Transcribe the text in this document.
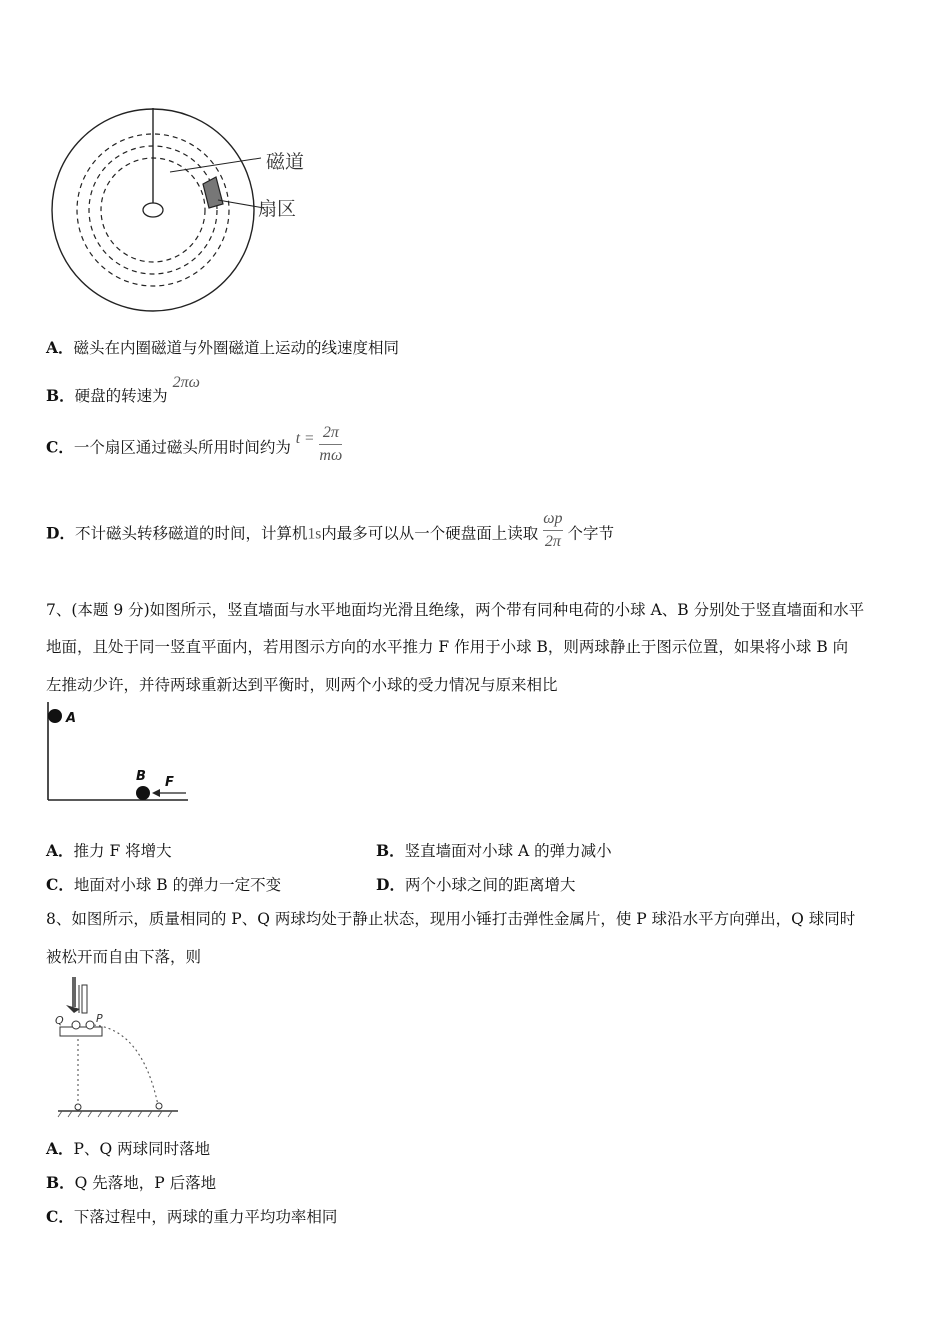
磁道
扇区
A．磁头在内圈磁道与外圈磁道上运动的线速度相同
B．硬盘的转速为 2πω
C．一个扇区通过磁头所用时间约为 $t = \frac{2\pi}{m\omega}$
D．不计磁头转移磁道的时间，计算机1s内最多可以从一个硬盘面上读取 $\frac{\omega p}{2\pi}$ 个字节
7、(本题 9 分)如图所示，竖直墙面与水平地面均光滑且绝缘，两个带有同种电荷的小球 A、B 分别处于竖直墙面和水平
地面，且处于同一竖直平面内，若用图示方向的水平推力 F 作用于小球 B，则两球静止于图示位置，如果将小球 B 向
左推动少许，并待两球重新达到平衡时，则两个小球的受力情况与原来相比
A
B F
A．推力 F 将增大	B．竖直墙面对小球 A 的弹力减小
C．地面对小球 B 的弹力一定不变	D．两个小球之间的距离增大
8、如图所示，质量相同的 P、Q 两球均处于静止状态，现用小锤打击弹性金属片，使 P 球沿水平方向弹出，Q 球同时
被松开而自由下落，则
Q	P
A．P、Q 两球同时落地
B．Q 先落地，P 后落地
C．下落过程中，两球的重力平均功率相同
